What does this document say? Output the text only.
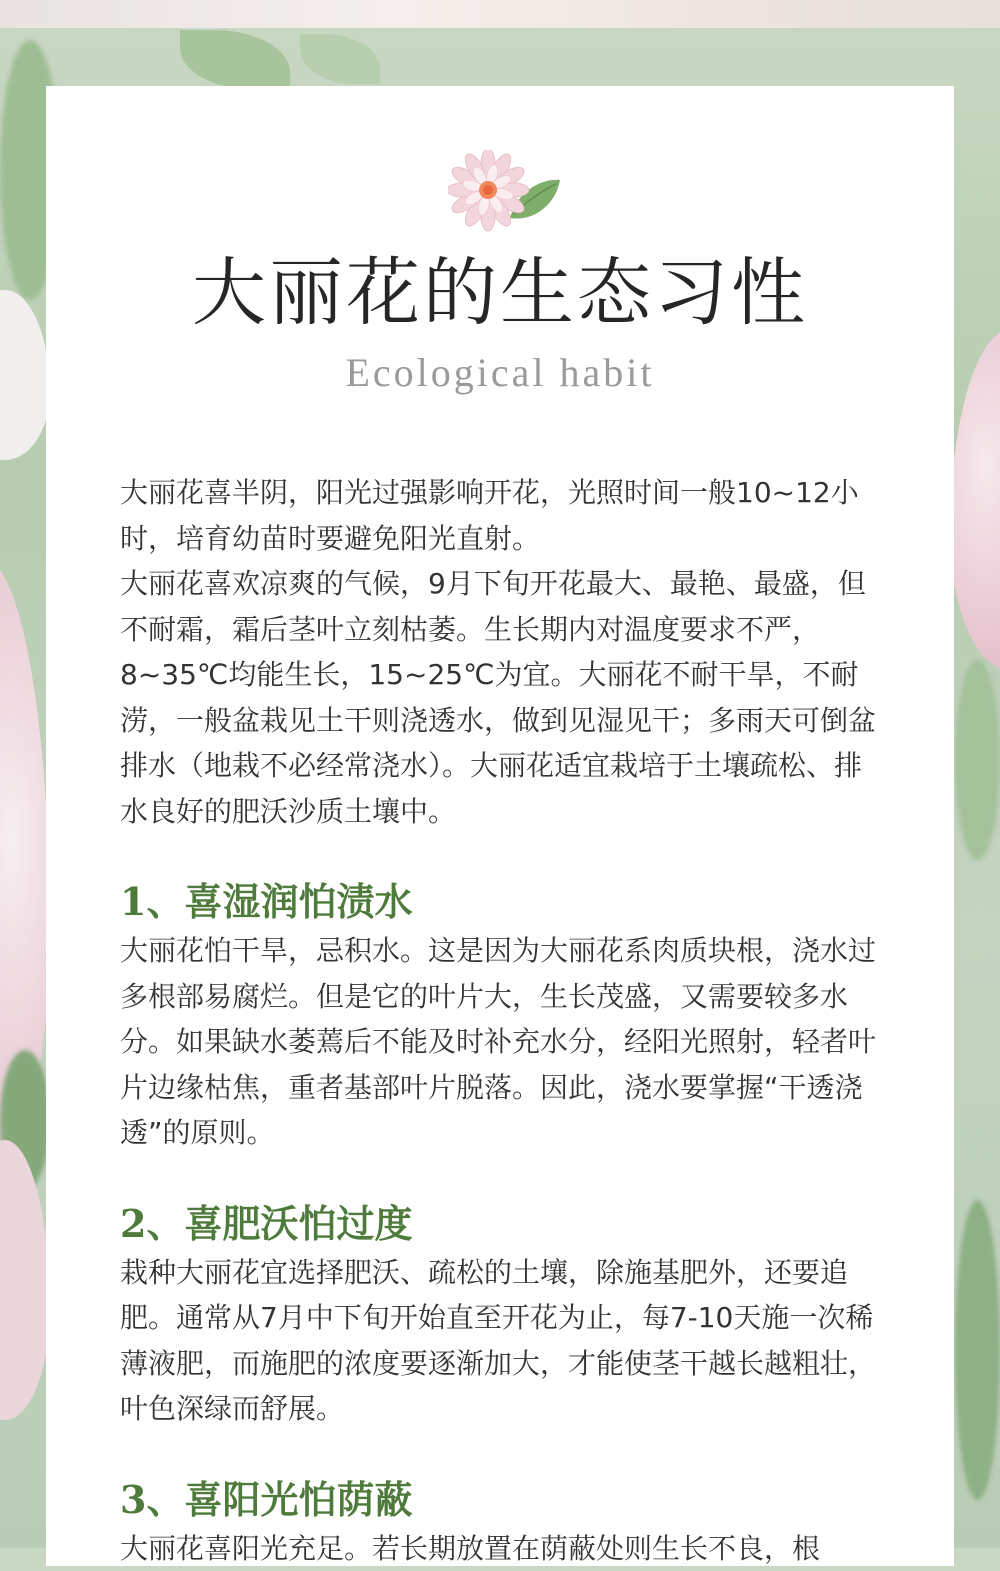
大丽花的生态习性
Ecological habit

大丽花喜半阴，阳光过强影响开花，光照时间一般10~12小时，培育幼苗时要避免阳光直射。

大丽花喜欢凉爽的气候，9月下旬开花最大、最艳、最盛，但不耐霜，霜后茎叶立刻枯萎。生长期内对温度要求不严，8~35℃均能生长，15~25℃为宜。大丽花不耐干旱，不耐涝，一般盆栽见土干则浇透水，做到见湿见干；多雨天可倒盆排水（地栽不必经常浇水）。大丽花适宜栽培于土壤疏松、排水良好的肥沃沙质土壤中。

1、喜湿润怕渍水

大丽花怕干旱，忌积水。这是因为大丽花系肉质块根，浇水过多根部易腐烂。但是它的叶片大，生长茂盛，又需要较多水分。如果缺水萎蔫后不能及时补充水分，经阳光照射，轻者叶片边缘枯焦，重者基部叶片脱落。因此，浇水要掌握“干透浇透”的原则。

2、喜肥沃怕过度

栽种大丽花宜选择肥沃、疏松的土壤，除施基肥外，还要追肥。通常从7月中下旬开始直至开花为止，每7-10天施一次稀薄液肥，而施肥的浓度要逐渐加大，才能使茎干越长越粗壮，叶色深绿而舒展。

3、喜阳光怕荫蔽

大丽花喜阳光充足。若长期放置在荫蔽处则生长不良，根
